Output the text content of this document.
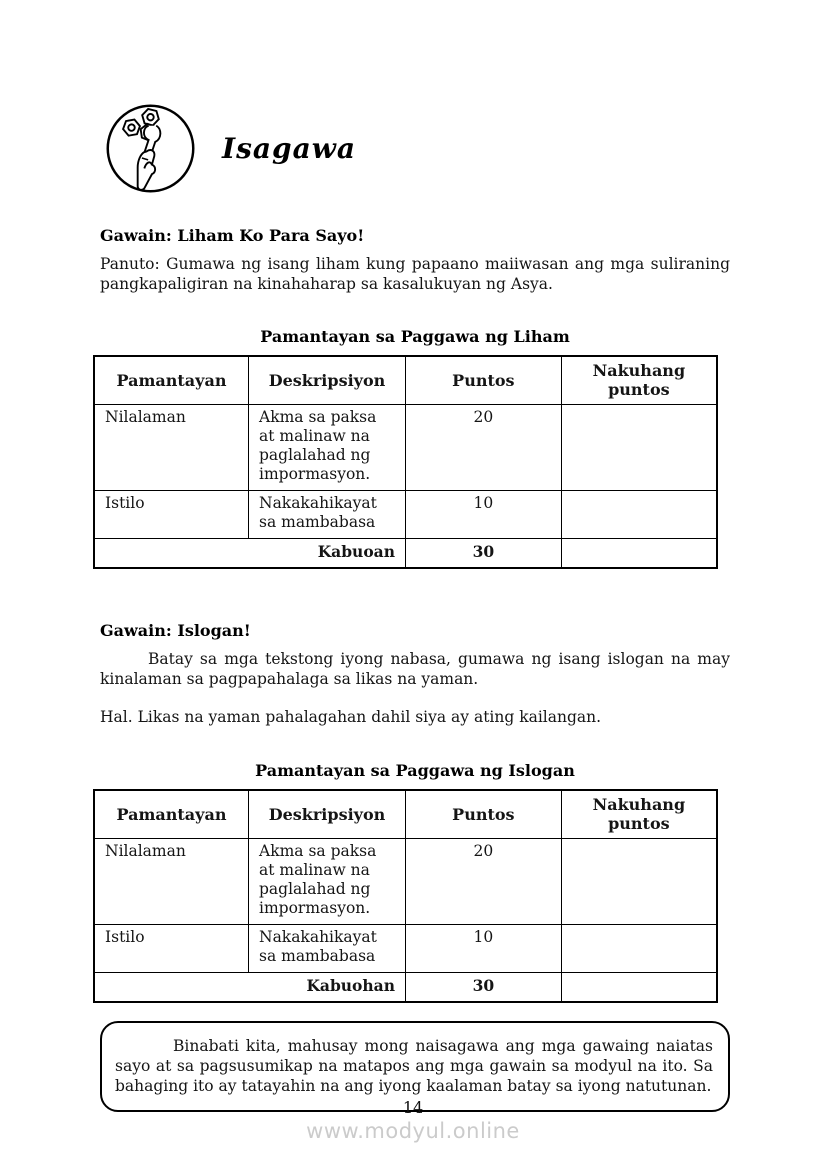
Isagawa
Gawain: Liham Ko Para Sayo!

Panuto: Gumawa ng isang liham kung papaano maiiwasan ang mga suliraning pangkapaligiran na kinahaharap sa kasalukuyan ng Asya.

Pamantayan sa Paggawa ng Liham
Pamantayan	Deskripsiyon	Puntos	Nakuhang puntos
Nilalaman	Akma sa paksa at malinaw na paglalahad ng impormasyon.	20	
Istilo	Nakakahikayat sa mambabasa	10	
Kabuoan		30	
Gawain: Islogan!

Batay sa mga tekstong iyong nabasa, gumawa ng isang islogan na may kinalaman sa pagpapahalaga sa likas na yaman.

Hal. Likas na yaman pahalagahan dahil siya ay ating kailangan.

Pamantayan sa Paggawa ng Islogan
Pamantayan	Deskripsiyon	Puntos	Nakuhang puntos
Nilalaman	Akma sa paksa at malinaw na paglalahad ng impormasyon.	20	
Istilo	Nakakahikayat sa mambabasa	10	
Kabuohan		30	

Binabati kita, mahusay mong naisagawa ang mga gawaing naiatas sayo at sa pagsusumikap na matapos ang mga gawain sa modyul na ito. Sa bahaging ito ay tatayahin na ang iyong kaalaman batay sa iyong natutunan.

14
www.modyul.online
